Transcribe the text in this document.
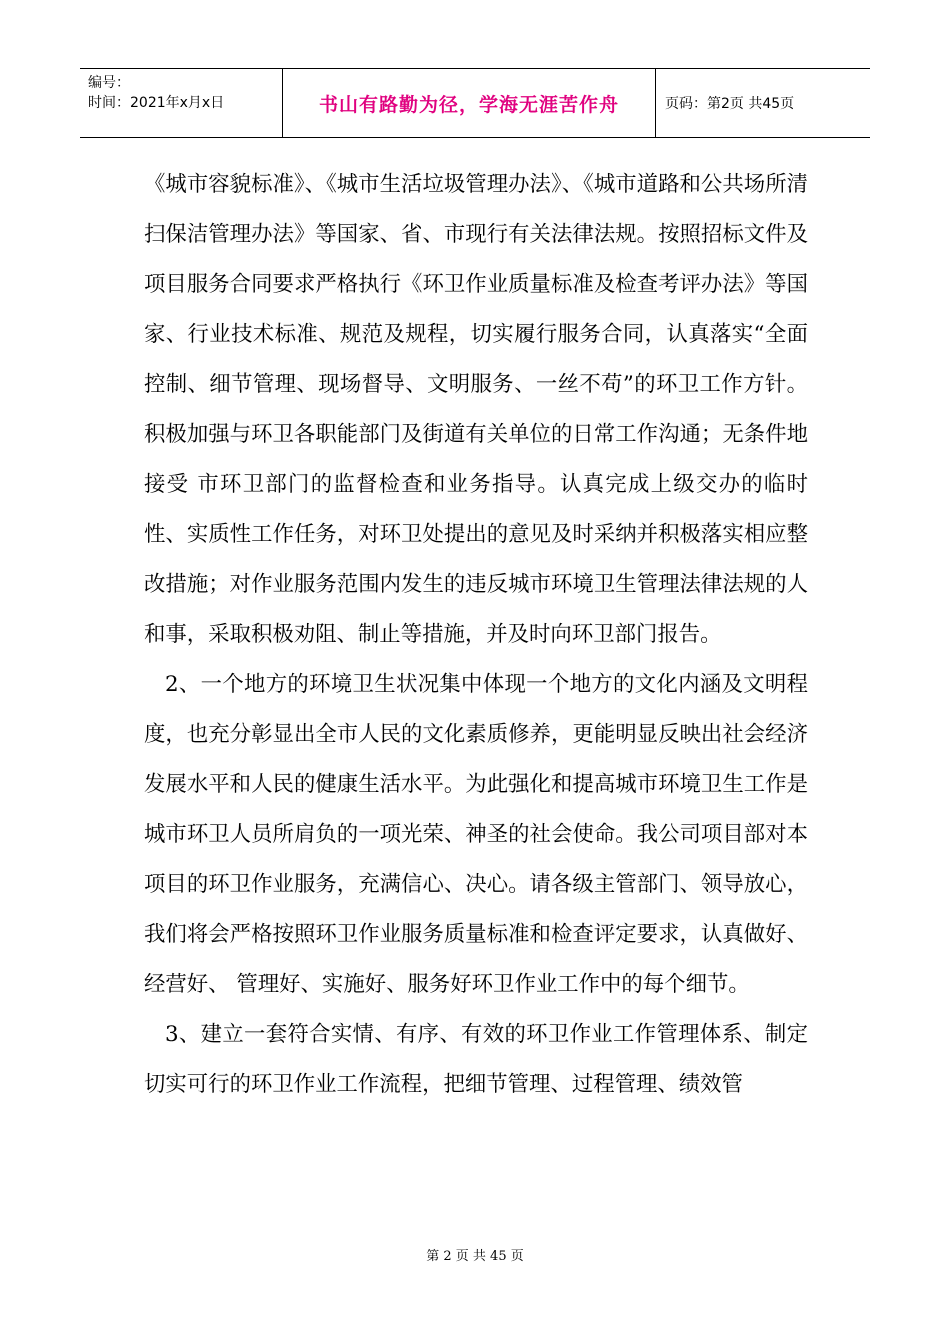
编号：
时间：2021年x月x日	书山有路勤为径，学海无涯苦作舟	页码：第2页 共45页

《城市容貌标准》、《城市生活垃圾管理办法》、《城市道路和公共场所清扫保洁管理办法》等国家、省、市现行有关法律法规。按照招标文件及项目服务合同要求严格执行《环卫作业质量标准及检查考评办法》等国家、行业技术标准、规范及规程，切实履行服务合同，认真落实“全面控制、细节管理、现场督导、文明服务、一丝不苟”的环卫工作方针。积极加强与环卫各职能部门及街道有关单位的日常工作沟通；无条件地接受 市环卫部门的监督检查和业务指导。认真完成上级交办的临时性、实质性工作任务，对环卫处提出的意见及时采纳并积极落实相应整改措施；对作业服务范围内发生的违反城市环境卫生管理法律法规的人和事，采取积极劝阻、制止等措施，并及时向环卫部门报告。

2、一个地方的环境卫生状况集中体现一个地方的文化内涵及文明程度，也充分彰显出全市人民的文化素质修养，更能明显反映出社会经济发展水平和人民的健康生活水平。为此强化和提高城市环境卫生工作是城市环卫人员所肩负的一项光荣、神圣的社会使命。我公司项目部对本项目的环卫作业服务，充满信心、决心。请各级主管部门、领导放心，我们将会严格按照环卫作业服务质量标准和检查评定要求，认真做好、经营好、 管理好、实施好、服务好环卫作业工作中的每个细节。

3、建立一套符合实情、有序、有效的环卫作业工作管理体系、制定切实可行的环卫作业工作流程，把细节管理、过程管理、绩效管

第 2 页 共 45 页
